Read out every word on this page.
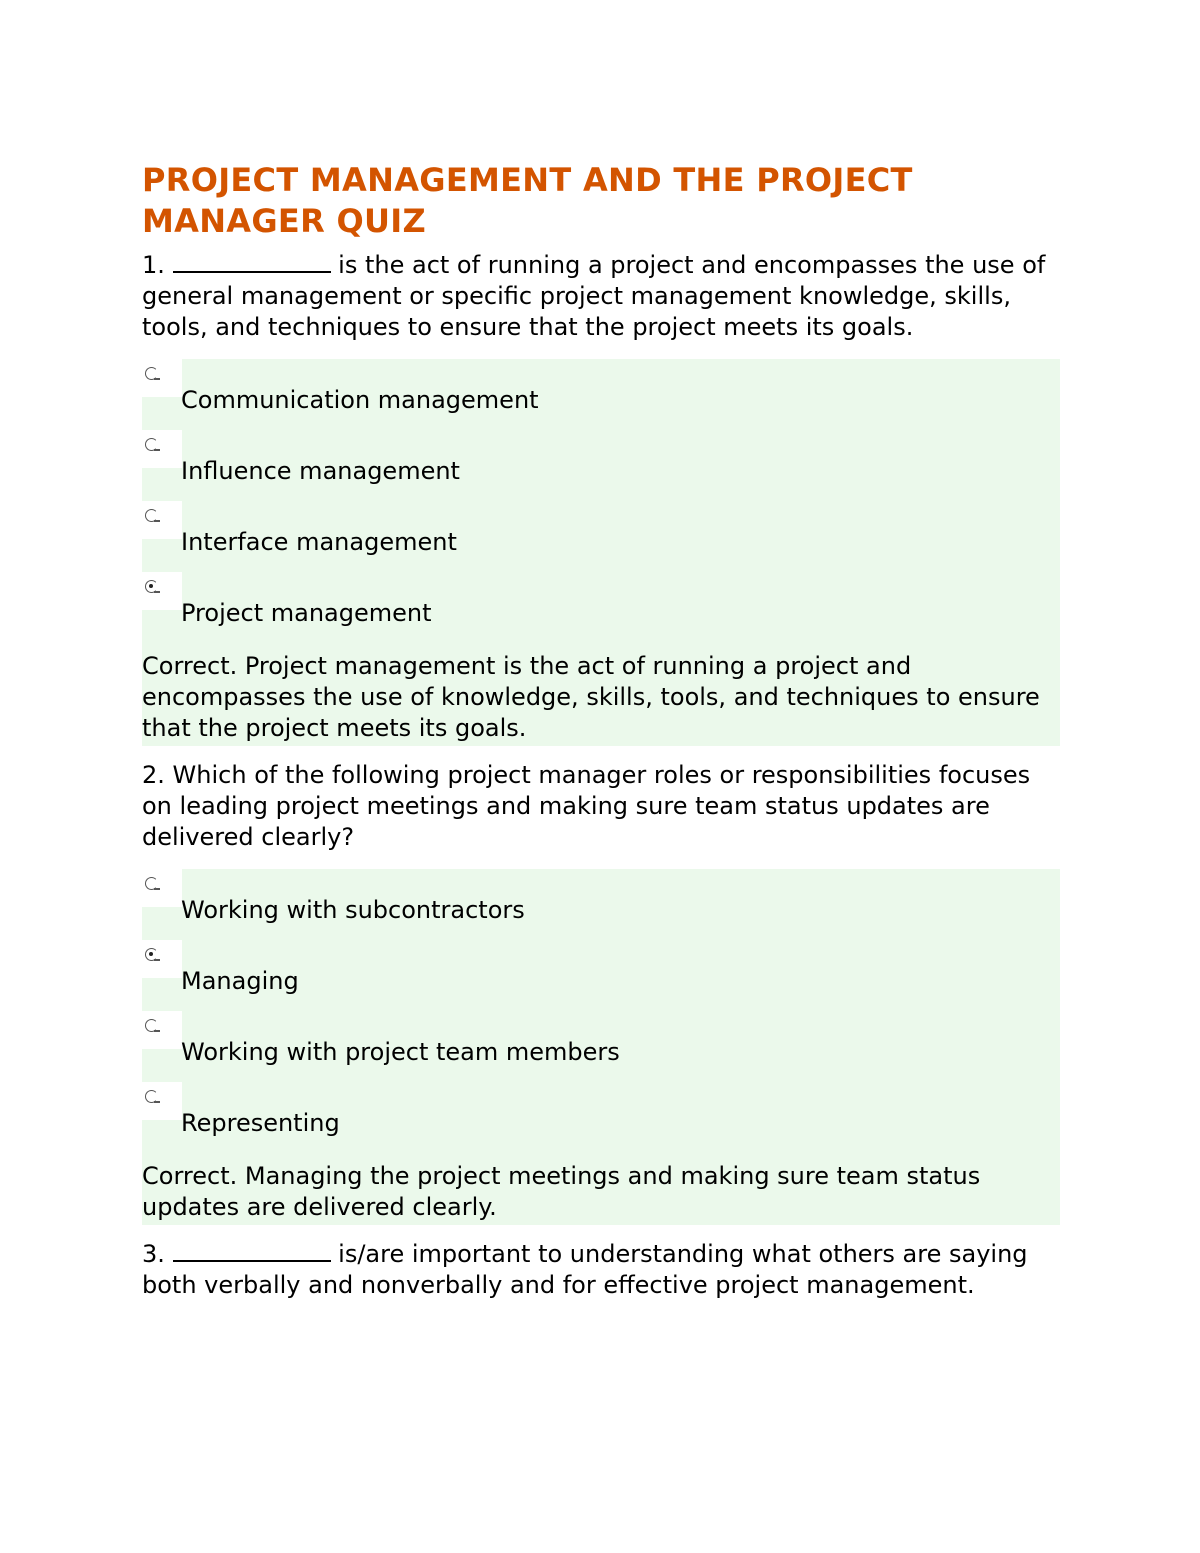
PROJECT MANAGEMENT AND THE PROJECT MANAGER QUIZ
1.	is the act of running a project and encompasses the use of general management or specific project management knowledge, skills, tools, and techniques to ensure that the project meets its goals.
Communication management
Influence management
Interface management
Project management
Correct. Project management is the act of running a project and encompasses the use of knowledge, skills, tools, and techniques to ensure that the project meets its goals.
2. Which of the following project manager roles or responsibilities focuses on leading project meetings and making sure team status updates are delivered clearly?
Working with subcontractors
Managing
Working with project team members
Representing
Correct. Managing the project meetings and making sure team status updates are delivered clearly.
3.	is/are important to understanding what others are saying both verbally and nonverbally and for effective project management.
